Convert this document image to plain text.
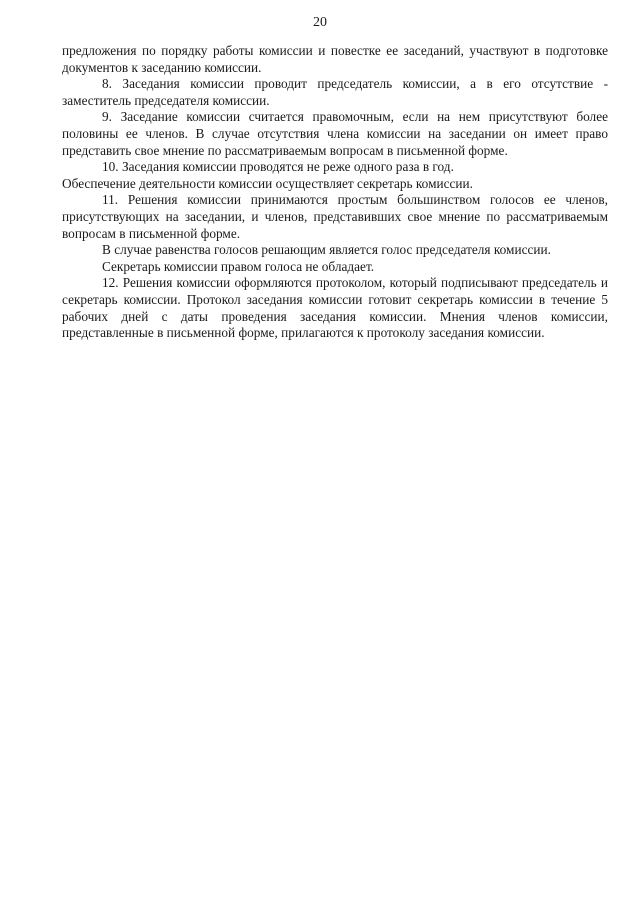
20

предложения по порядку работы комиссии и повестке ее заседаний, участвуют в подготовке документов к заседанию комиссии.

8. Заседания комиссии проводит председатель комиссии, а в его отсутствие - заместитель председателя комиссии.

9. Заседание комиссии считается правомочным, если на нем присутствуют более половины ее членов. В случае отсутствия члена комиссии на заседании он имеет право представить свое мнение по рассматриваемым вопросам в письменной форме.

10. Заседания комиссии проводятся не реже одного раза в год.

Обеспечение деятельности комиссии осуществляет секретарь комиссии.

11. Решения комиссии принимаются простым большинством голосов ее членов, присутствующих на заседании, и членов, представивших свое мнение по рассматриваемым вопросам в письменной форме.

В случае равенства голосов решающим является голос председателя комиссии.

Секретарь комиссии правом голоса не обладает.

12. Решения комиссии оформляются протоколом, который подписывают председатель и секретарь комиссии. Протокол заседания комиссии готовит секретарь комиссии в течение 5 рабочих дней с даты проведения заседания комиссии. Мнения членов комиссии, представленные в письменной форме, прилагаются к протоколу заседания комиссии.
